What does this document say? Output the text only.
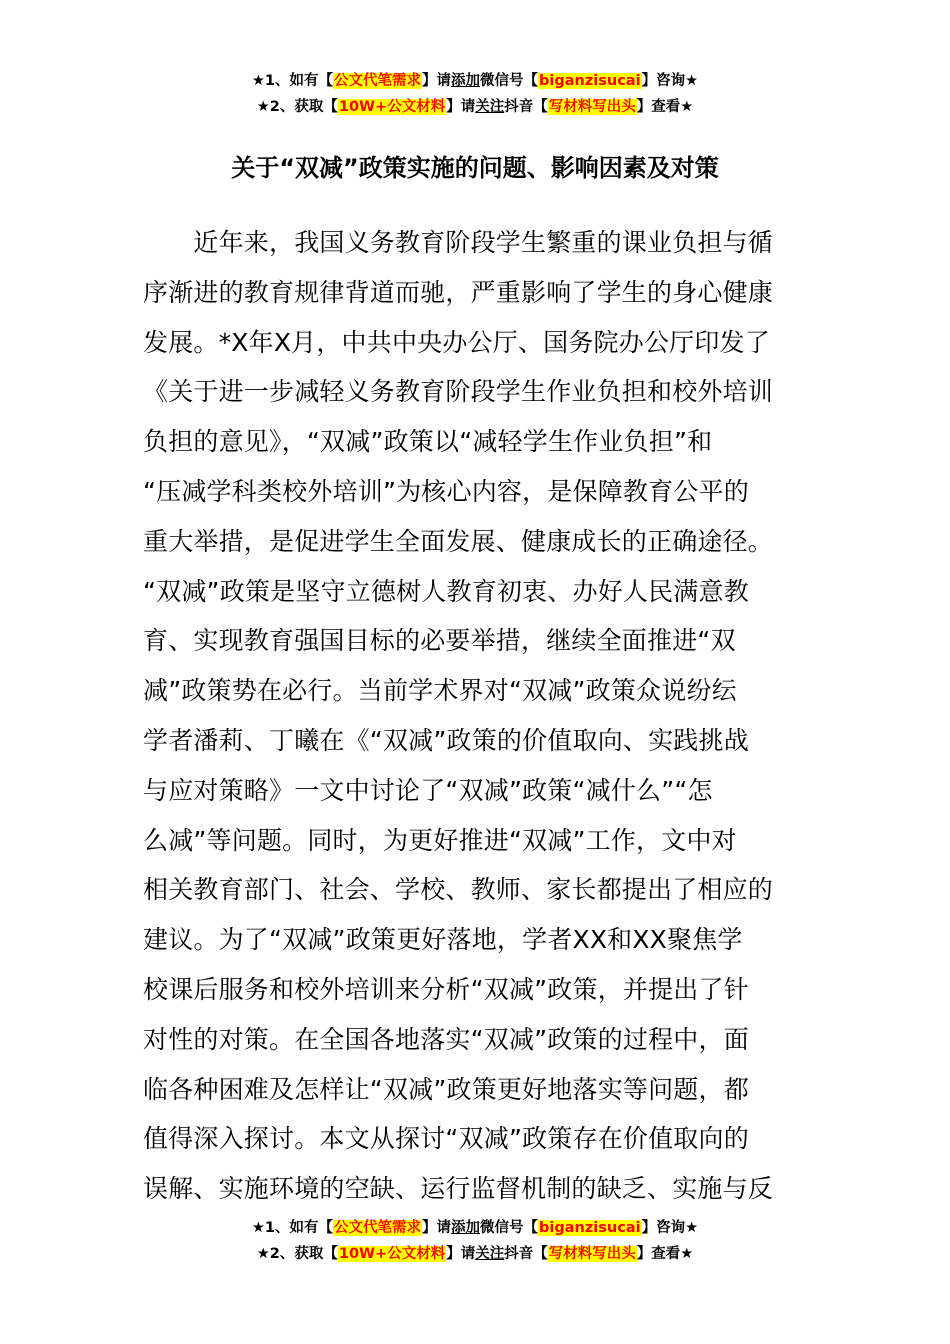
★1、如有【公文代笔需求】请添加微信号【biganzisucai】咨询★
★2、获取【10W+公文材料】请关注抖音【写材料写出头】查看★
关于“双减”政策实施的问题、影响因素及对策
　　近年来，我国义务教育阶段学生繁重的课业负担与循
序渐进的教育规律背道而驰，严重影响了学生的身心健康
发展。*X年X月，中共中央办公厅、国务院办公厅印发了
《关于进一步减轻义务教育阶段学生作业负担和校外培训
负担的意见》，“双减”政策以“减轻学生作业负担”和
“压减学科类校外培训”为核心内容，是保障教育公平的
重大举措，是促进学生全面发展、健康成长的正确途径。
“双减”政策是坚守立德树人教育初衷、办好人民满意教
育、实现教育强国目标的必要举措，继续全面推进“双
减”政策势在必行。当前学术界对“双减”政策众说纷纭
学者潘莉、丁曦在《“双减”政策的价值取向、实践挑战
与应对策略》一文中讨论了“双减”政策“减什么”“怎
么减”等问题。同时，为更好推进“双减”工作，文中对
相关教育部门、社会、学校、教师、家长都提出了相应的
建议。为了“双减”政策更好落地，学者XX和XX聚焦学
校课后服务和校外培训来分析“双减”政策，并提出了针
对性的对策。在全国各地落实“双减”政策的过程中，面
临各种困难及怎样让“双减”政策更好地落实等问题，都
值得深入探讨。本文从探讨“双减”政策存在价值取向的
误解、实施环境的空缺、运行监督机制的缺乏、实施与反
★1、如有【公文代笔需求】请添加微信号【biganzisucai】咨询★
★2、获取【10W+公文材料】请关注抖音【写材料写出头】查看★
